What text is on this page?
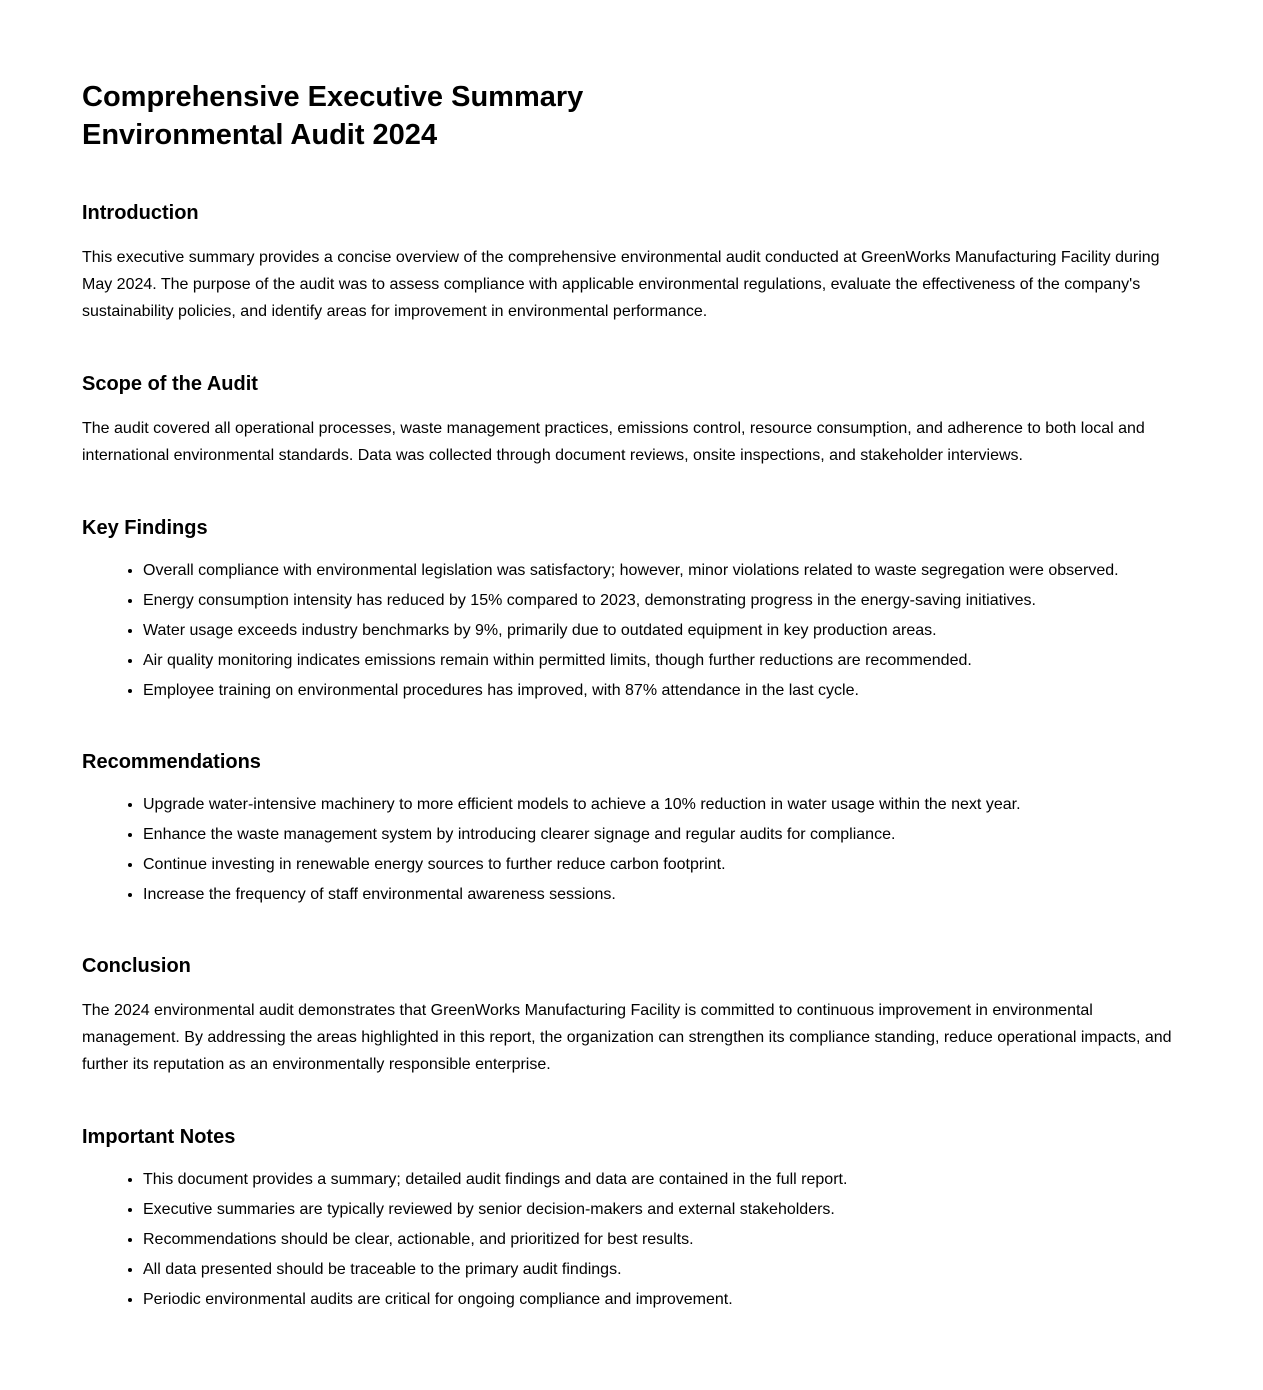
Comprehensive Executive Summary
Environmental Audit 2024
Introduction

This executive summary provides a concise overview of the comprehensive environmental audit conducted at GreenWorks Manufacturing Facility during May 2024. The purpose of the audit was to assess compliance with applicable environmental regulations, evaluate the effectiveness of the company's sustainability policies, and identify areas for improvement in environmental performance.

Scope of the Audit

The audit covered all operational processes, waste management practices, emissions control, resource consumption, and adherence to both local and international environmental standards. Data was collected through document reviews, onsite inspections, and stakeholder interviews.

Key Findings
• Overall compliance with environmental legislation was satisfactory; however, minor violations related to waste segregation were observed.
• Energy consumption intensity has reduced by 15% compared to 2023, demonstrating progress in the energy-saving initiatives.
• Water usage exceeds industry benchmarks by 9%, primarily due to outdated equipment in key production areas.
• Air quality monitoring indicates emissions remain within permitted limits, though further reductions are recommended.
• Employee training on environmental procedures has improved, with 87% attendance in the last cycle.
Recommendations
• Upgrade water-intensive machinery to more efficient models to achieve a 10% reduction in water usage within the next year.
• Enhance the waste management system by introducing clearer signage and regular audits for compliance.
• Continue investing in renewable energy sources to further reduce carbon footprint.
• Increase the frequency of staff environmental awareness sessions.
Conclusion

The 2024 environmental audit demonstrates that GreenWorks Manufacturing Facility is committed to continuous improvement in environmental management. By addressing the areas highlighted in this report, the organization can strengthen its compliance standing, reduce operational impacts, and further its reputation as an environmentally responsible enterprise.

Important Notes
• This document provides a summary; detailed audit findings and data are contained in the full report.
• Executive summaries are typically reviewed by senior decision-makers and external stakeholders.
• Recommendations should be clear, actionable, and prioritized for best results.
• All data presented should be traceable to the primary audit findings.
• Periodic environmental audits are critical for ongoing compliance and improvement.
